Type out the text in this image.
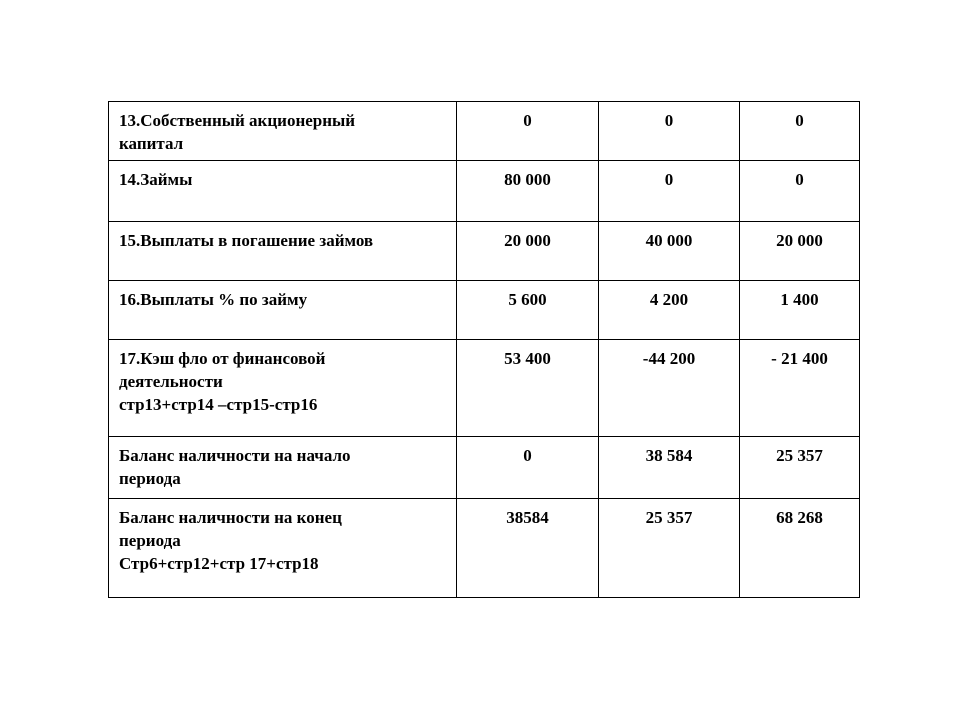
13.Собственный акционерный
капитал	0	0	0

14.Займы	80 000	0	0

15.Выплаты в погашение займов	20 000	40 000	20 000

16.Выплаты % по займу	5 600	4 200	1 400

17.Кэш фло от финансовой
деятельности
стр13+стр14 –стр15-стр16	53 400	-44 200	- 21 400

Баланс наличности на начало
периода	0	38 584	25 357

Баланс наличности на конец
периода
Стр6+стр12+стр 17+стр18	38584	25 357	68 268
